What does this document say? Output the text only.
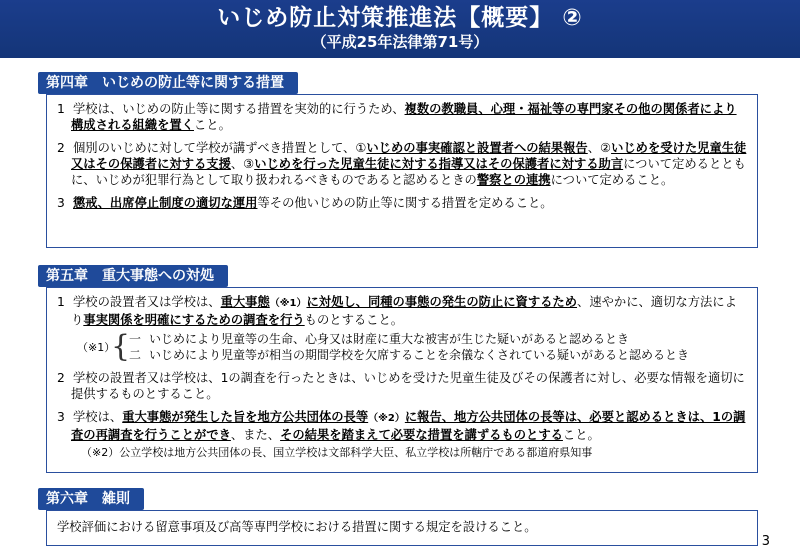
いじめ防止対策推進法【概要】 ②
（平成25年法律第71号）
第四章　いじめの防止等に関する措置
1 学校は、いじめの防止等に関する措置を実効的に行うため、複数の教職員、心理・福祉等の専門家その他の関係者により構成される組織を置くこと。
2 個別のいじめに対して学校が講ずべき措置として、①いじめの事実確認と設置者への結果報告、②いじめを受けた児童生徒又はその保護者に対する支援、③いじめを行った児童生徒に対する指導又はその保護者に対する助言について定めるとともに、いじめが犯罪行為として取り扱われるべきものであると認めるときの警察との連携について定めること。
3 懲戒、出席停止制度の適切な運用等その他いじめの防止等に関する措置を定めること。
第五章　重大事態への対処
1 学校の設置者又は学校は、重大事態（※1）に対処し、同種の事態の発生の防止に資するため、速やかに、適切な方法により事実関係を明確にするための調査を行うものとすること。
（※1）
{
一 いじめにより児童等の生命、心身又は財産に重大な被害が生じた疑いがあると認めるとき
二 いじめにより児童等が相当の期間学校を欠席することを余儀なくされている疑いがあると認めるとき
2 学校の設置者又は学校は、1の調査を行ったときは、いじめを受けた児童生徒及びその保護者に対し、必要な情報を適切に提供するものとすること。
3 学校は、重大事態が発生した旨を地方公共団体の長等（※2）に報告、地方公共団体の長等は、必要と認めるときは、1の調査の再調査を行うことができ、また、その結果を踏まえて必要な措置を講ずるものとすること。
（※2）公立学校は地方公共団体の長、国立学校は文部科学大臣、私立学校は所轄庁である都道府県知事
第六章　雑則
学校評価における留意事項及び高等専門学校における措置に関する規定を設けること。
3
